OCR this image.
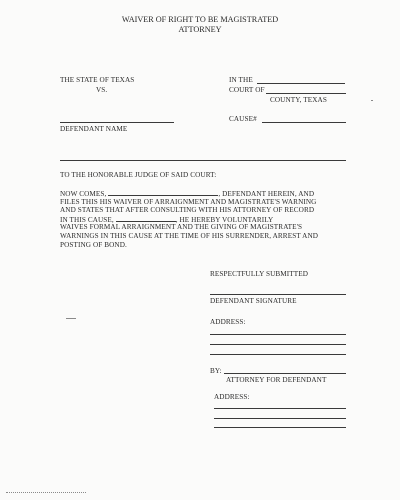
WAIVER OF RIGHT TO BE MAGISTRATED
ATTORNEY
THE STATE OF TEXAS
VS.
IN THE
COURT OF
COUNTY, TEXAS
CAUSE#
DEFENDANT NAME
TO THE HONORABLE JUDGE OF SAID COURT:
NOW COMES,	, DEFENDANT HEREIN, AND
FILES THIS HIS WAIVER OF ARRAIGNMENT AND MAGISTRATE'S WARNING
AND STATES THAT AFTER CONSULTING WITH HIS ATTORNEY OF RECORD
IN THIS CAUSE,	, HE HEREBY VOLUNTARILY
WAIVES FORMAL ARRAIGNMENT AND THE GIVING OF MAGISTRATE'S
WARNINGS IN THIS CAUSE AT THE TIME OF HIS SURRENDER, ARREST AND
POSTING OF BOND.
RESPECTFULLY SUBMITTED
DEFENDANT SIGNATURE
ADDRESS:
BY:
ATTORNEY FOR DEFENDANT
ADDRESS:
